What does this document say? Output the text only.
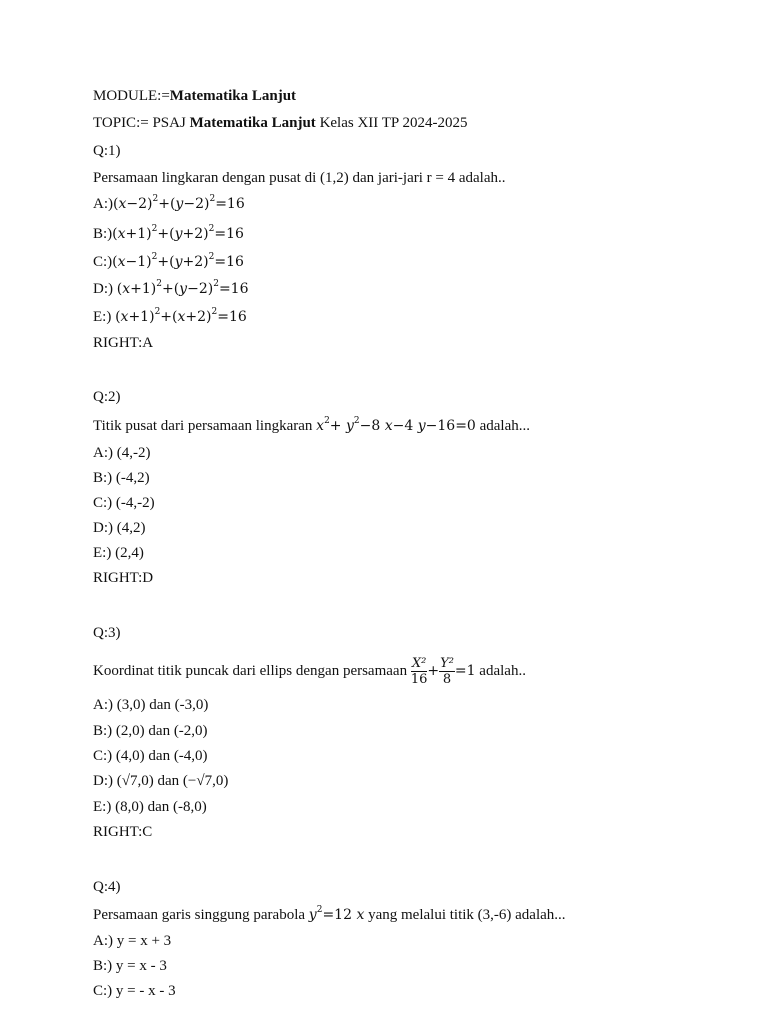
MODULE:=Matematika Lanjut
TOPIC:= PSAJ Matematika Lanjut Kelas XII TP 2024-2025
Q:1)
Persamaan lingkaran dengan pusat di (1,2) dan jari-jari r = 4 adalah..
$A:)(x-2)^2+(y-2)^2=16$
$B:)(x+1)^2+(y+2)^2=16$
$C:)(x-1)^2+(y+2)^2=16$
D:) $(x+1)^2+(y-2)^2=16$
E:) $(x+1)^2+(x+2)^2=16$
RIGHT:A
Q:2)
Titik pusat dari persamaan lingkaran $x^2+ y^2-8$ x−4 y−16=0 adalah...
A:) (4,-2)
B:) (-4,2)
C:) (-4,-2)
D:) (4,2)
E:) (2,4)
RIGHT:D
Q:3)
Koordinat titik puncak dari ellips dengan persamaan $\frac{\text{X²}}{16} + \frac{\text{Y²}}{8} =1$ adalah..
A:) (3,0) dan (-3,0)
B:) (2,0) dan (-2,0)
C:) (4,0) dan (-4,0)
D:) (√7,0) dan (−√7,0)
E:) (8,0) dan (-8,0)
RIGHT:C
Q:4)
Persamaan garis singgung parabola $y^2=12$ x yang melalui titik (3,-6) adalah...
A:) y = x + 3
B:) y = x - 3
C:) y = - x - 3
